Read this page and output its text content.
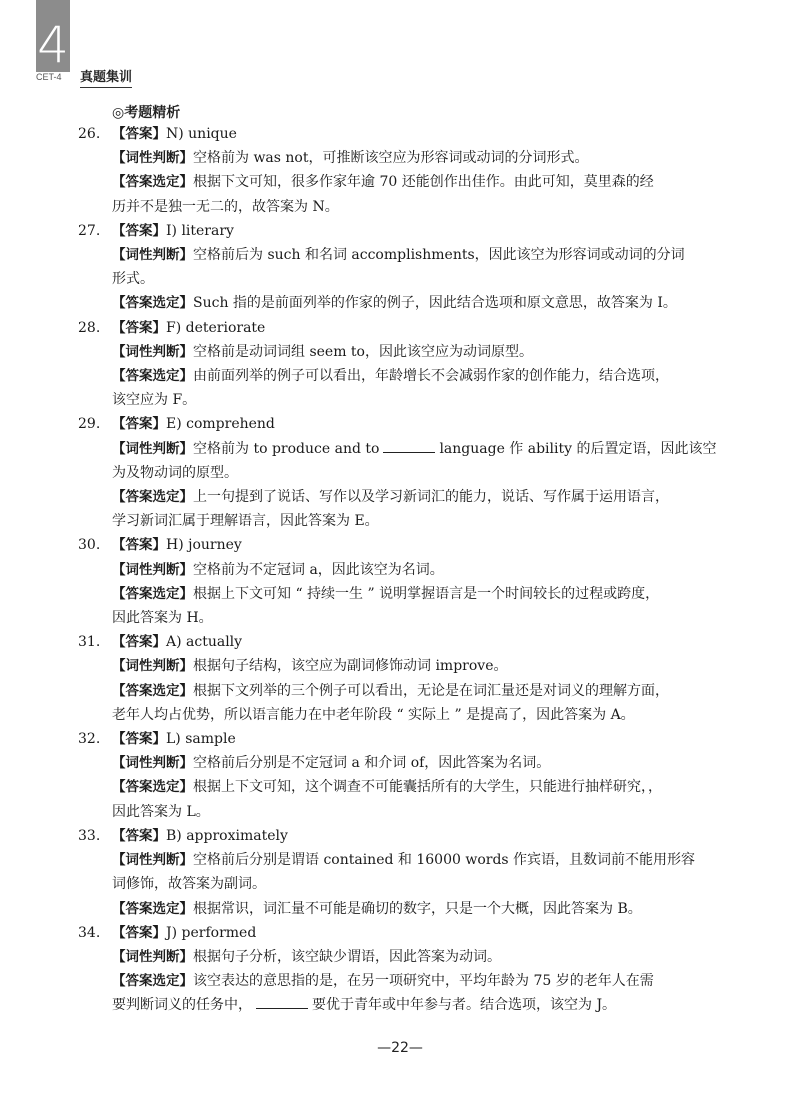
4
CET-4	真题集训
◎考题精析
26. 【答案】N) unique
【词性判断】空格前为 was not，可推断该空应为形容词或动词的分词形式。
【答案选定】根据下文可知，很多作家年逾 70 还能创作出佳作。由此可知，莫里森的经
历并不是独一无二的，故答案为 N。
27. 【答案】I) literary
【词性判断】空格前后为 such 和名词 accomplishments，因此该空为形容词或动词的分词
形式。
【答案选定】Such 指的是前面列举的作家的例子，因此结合选项和原文意思，故答案为 I。
28. 【答案】F) deteriorate
【词性判断】空格前是动词词组 seem to，因此该空应为动词原型。
【答案选定】由前面列举的例子可以看出，年龄增长不会减弱作家的创作能力，结合选项，
该空应为 F。
29. 【答案】E) comprehend
【词性判断】空格前为 to produce and to	language 作 ability 的后置定语，因此该空
为及物动词的原型。
【答案选定】上一句提到了说话、写作以及学习新词汇的能力，说话、写作属于运用语言，
学习新词汇属于理解语言，因此答案为 E。
30. 【答案】H) journey
【词性判断】空格前为不定冠词 a，因此该空为名词。
【答案选定】根据上下文可知 “ 持续一生 ” 说明掌握语言是一个时间较长的过程或跨度，
因此答案为 H。
31. 【答案】A) actually
【词性判断】根据句子结构，该空应为副词修饰动词 improve。
【答案选定】根据下文列举的三个例子可以看出，无论是在词汇量还是对词义的理解方面，
老年人均占优势，所以语言能力在中老年阶段 “ 实际上 ” 是提高了，因此答案为 A。
32. 【答案】L) sample
【词性判断】空格前后分别是不定冠词 a 和介词 of，因此答案为名词。
【答案选定】根据上下文可知，这个调查不可能囊括所有的大学生，只能进行抽样研究，，
因此答案为 L。
33. 【答案】B) approximately
【词性判断】空格前后分别是谓语 contained 和 16000 words 作宾语，且数词前不能用形容
词修饰，故答案为副词。
【答案选定】根据常识，词汇量不可能是确切的数字，只是一个大概，因此答案为 B。
34. 【答案】J) performed
【词性判断】根据句子分析，该空缺少谓语，因此答案为动词。
【答案选定】该空表达的意思指的是，在另一项研究中，平均年龄为 75 岁的老年人在需
要判断词义的任务中，	要优于青年或中年参与者。结合选项，该空为 J。
—22—
